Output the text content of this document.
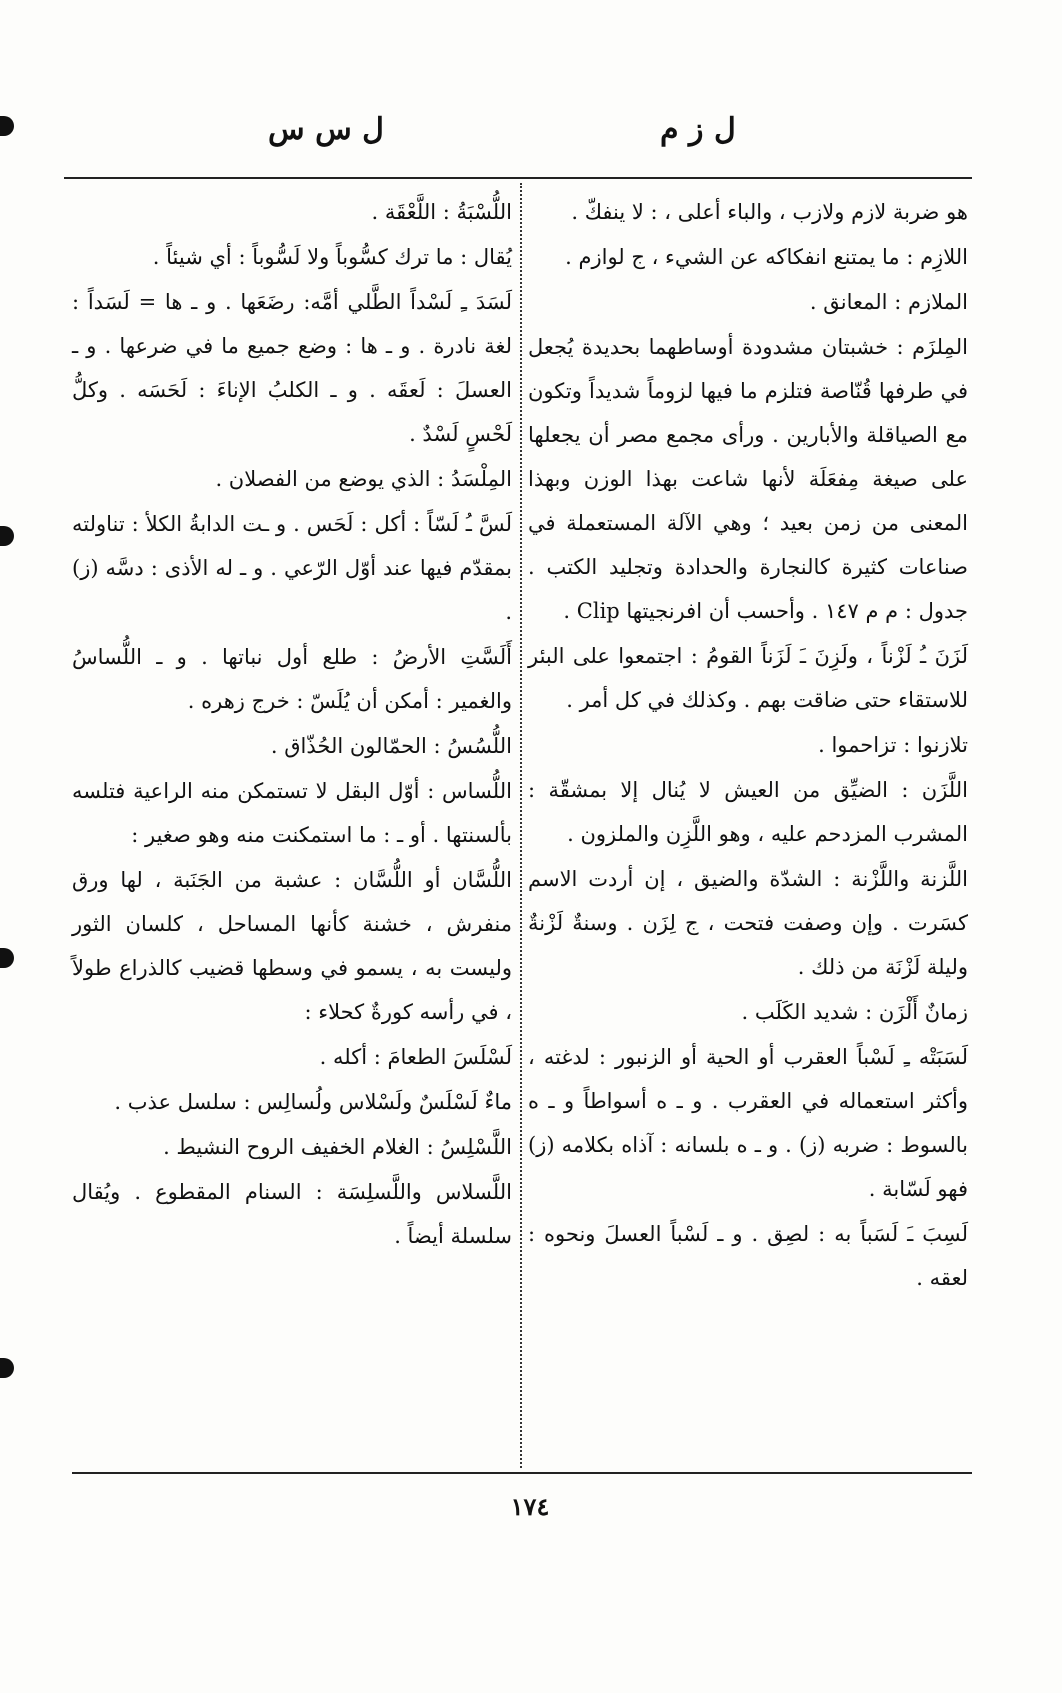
ل س س	ل ز م

اللُّسْبَةُ : اللَّعْقَة .

يُقال : ما ترك كسُّوباً ولا لَسُّوباً : أي شيئاً .

لَسَدَ ـِ لَسْداً الطَّلي أمَّه: رضَعَها . و ـ ها = لَسَداً : لغة نادرة . و ـ ها : وضع جميع ما في ضرعها . و ـ العسلَ : لَعقَه . و ـ الكلبُ الإناءَ : لَحَسَه . وكلُّ لَحْسٍ لَسْدٌ .

المِلْسَدُ : الذي يوضع من الفصلان .

لَسَّ ـُ لَسّاً : أكل : لَحَس . و ـت الدابةُ الكلأ : تناولته بمقدّم فيها عند أوّل الرّعي . و ـ له الأذى : دسَّه (ز) .

أَلَسَّتِ الأرضُ : طلع أول نباتها . و ـ اللُّساسُ والغمير : أمكن أن يُلَسّ : خرج زهره .

اللُّسُسُ : الحمّالون الحُذّاق .

اللُّساس : أوّل البقل لا تستمكن منه الراعية فتلسه بألسنتها . أو ـ : ما استمكنت منه وهو صغير :

اللُّسَّان أو اللُّسَّان : عشبة من الجَنَبة ، لها ورق منفرش ، خشنة كأنها المساحل ، كلسان الثور وليست به ، يسمو في وسطها قضيب كالذراع طولاً ، في رأسه كورةٌ كحلاء :

لَسْلَسَ الطعامَ : أكله .

ماءٌ لَسْلَسٌ ولَسْلاس ولُسالِس : سلسل عذب .

اللَّسْلِسُ : الغلام الخفيف الروح النشيط .

اللَّسلاس واللَّسلِسَة : السنام المقطوع . ويُقال سلسلة أيضاً .

هو ضربة لازم ولازب ، والباء أعلى ، : لا ينفكّ .

اللازِم : ما يمتنع انفكاكه عن الشيء ، ج لوازم .

الملازم : المعانق .

المِلزَم : خشبتان مشدودة أوساطهما بحديدة يُجعل في طرفها قُنّاصة فتلزم ما فيها لزوماً شديداً وتكون مع الصياقلة والأبارين . ورأى مجمع مصر أن يجعلها على صيغة مِفعَلَة لأنها شاعت بهذا الوزن وبهذا المعنى من زمن بعيد ؛ وهي الآلة المستعملة في صناعات كثيرة كالنجارة والحدادة وتجليد الكتب . جدول : م م ١٤٧ . وأحسب أن افرنجيتها Clip .

لَزَنَ ـُ لَزْناً ، ولَزِنَ ـَ لَزَناً القومُ : اجتمعوا على البئر للاستقاء حتى ضاقت بهم . وكذلك في كل أمر .

تلازنوا : تزاحموا .

اللَّزَن : الضيِّق من العيش لا يُنال إلا بمشقّة : المشرب المزدحم عليه ، وهو اللَّزِن والملزون .

اللَّزنة واللَّزْنة : الشدّة والضيق ، إن أردت الاسم كسَرت . وإن وصفت فتحت ، ج لِزَن . وسنةٌ لَزْنةٌ وليلة لَزْنَة من ذلك .

زمانٌ أَلْزَن : شديد الكَلَب .

لَسَبَتْه ـِ لَسْباً العقرب أو الحية أو الزنبور : لدغته ، وأكثر استعماله في العقرب . و ـ ه أسواطاً و ـ ه بالسوط : ضربه (ز) . و ـ ه بلسانه : آذاه بكلامه (ز) فهو لَسّابة .

لَسِبَ ـَ لَسَباً به : لصِق . و ـ لَسْباً العسلَ ونحوه : لعقه .

١٧٤
